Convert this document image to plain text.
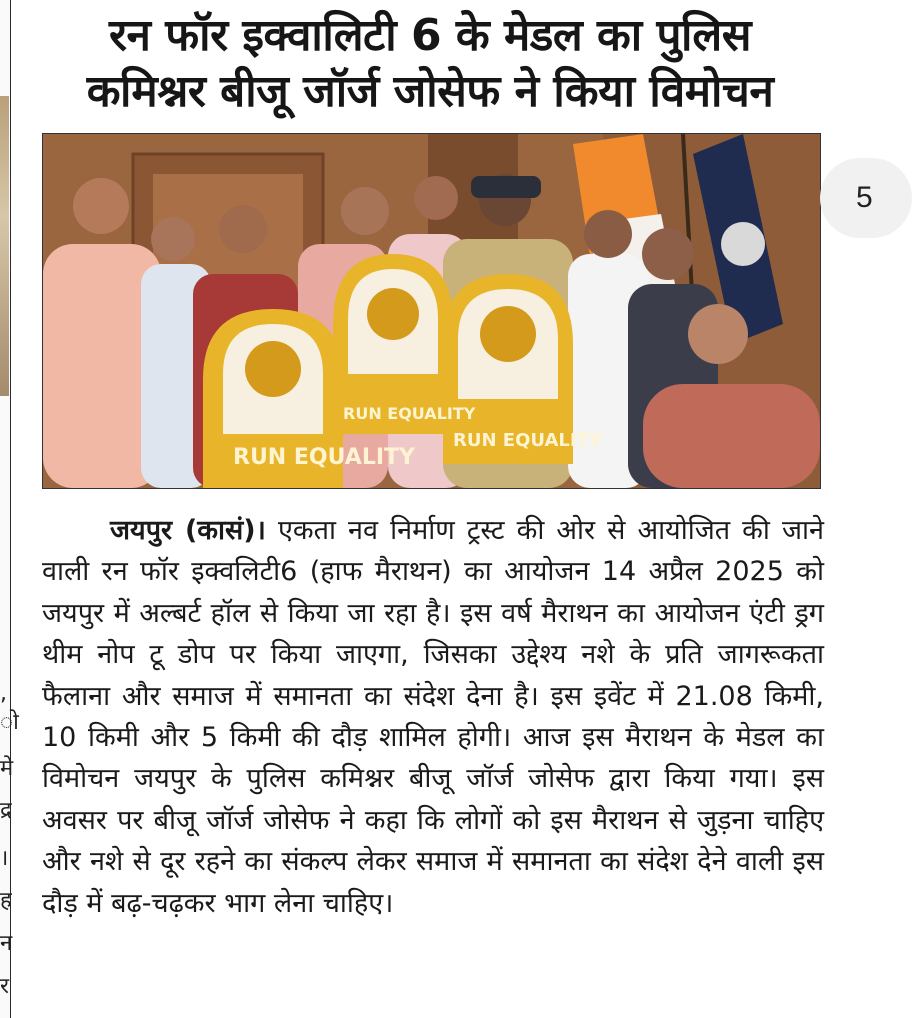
,
ो
मे
द्र
।
ह
न
र
रन फॉर इक्वालिटी 6 के मेडल का पुलिस
कमिश्नर बीजू जॉर्ज जोसेफ ने किया विमोचन
RUN EQUALITY
RUN EQUALITY
RUN EQUALITY
5
जयपुर (कासं)। एकता नव निर्माण ट्रस्ट की ओर से आयोजित की जाने वाली रन फॉर इक्वलिटी6 (हाफ मैराथन) का आयोजन 14 अप्रैल 2025 को जयपुर में अल्बर्ट हॉल से किया जा रहा है। इस वर्ष मैराथन का आयोजन एंटी ड्रग थीम नोप टू डोप पर किया जाएगा, जिसका उद्देश्य नशे के प्रति जागरूकता फैलाना और समाज में समानता का संदेश देना है। इस इवेंट में 21.08 किमी, 10 किमी और 5 किमी की दौड़ शामिल होगी। आज इस मैराथन के मेडल का विमोचन जयपुर के पुलिस कमिश्नर बीजू जॉर्ज जोसेफ द्वारा किया गया। इस अवसर पर बीजू जॉर्ज जोसेफ ने कहा कि लोगों को इस मैराथन से जुड़ना चाहिए और नशे से दूर रहने का संकल्प लेकर समाज में समानता का संदेश देने वाली इस दौड़ में बढ़-चढ़कर भाग लेना चाहिए।
